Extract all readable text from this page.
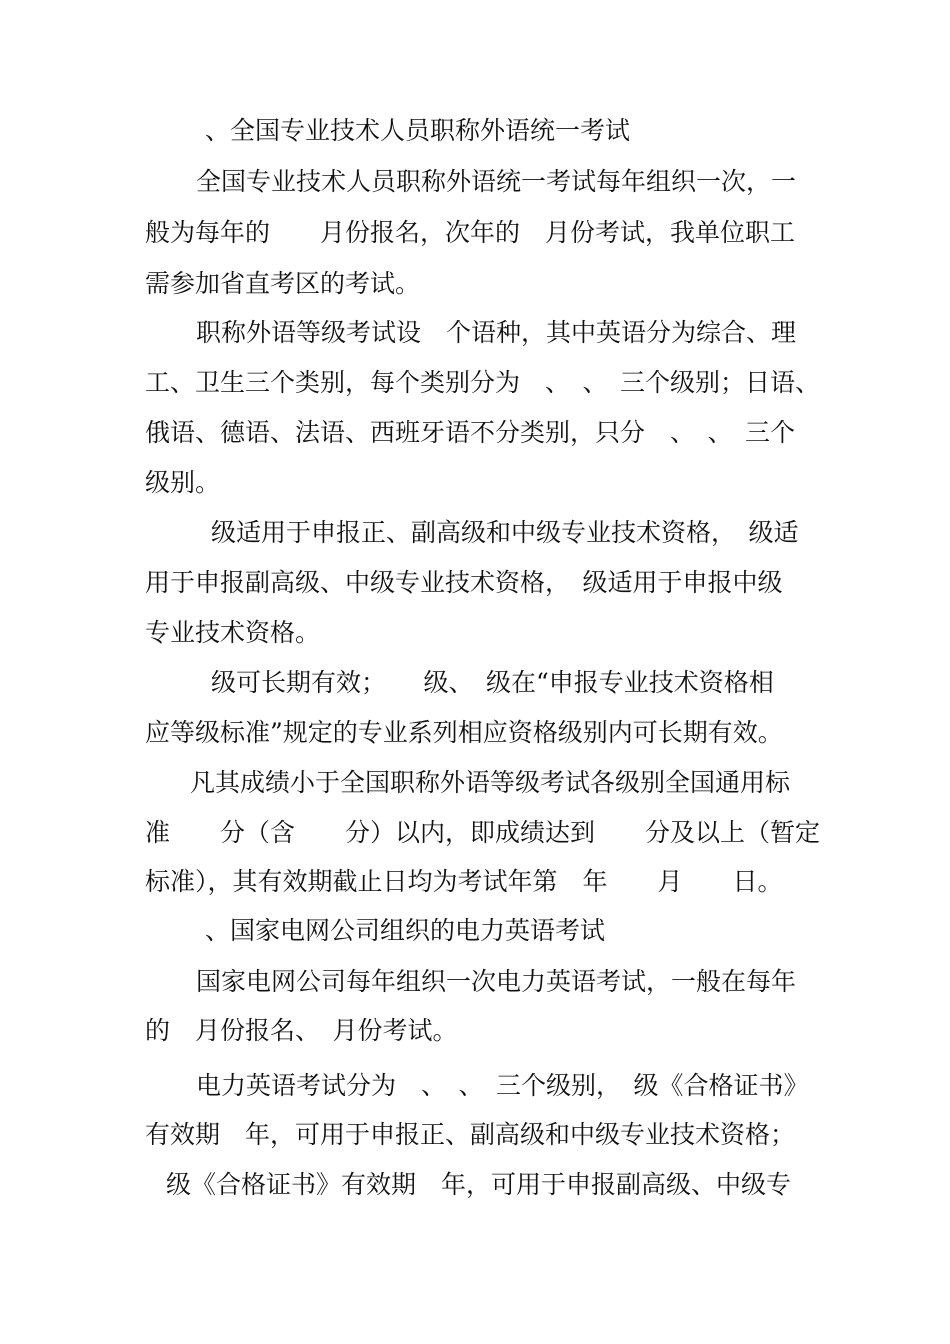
、全国专业技术人员职称外语统一考试
全国专业技术人员职称外语统一考试每年组织一次，一
般为每年的　　月份报名，次年的　月份考试，我单位职工
需参加省直考区的考试。
职称外语等级考试设　个语种，其中英语分为综合、理
工、卫生三个类别，每个类别分为　、　、　三个级别；日语、
俄语、德语、法语、西班牙语不分类别，只分　、　、　三个
级别。
级适用于申报正、副高级和中级专业技术资格，　级适
用于申报副高级、中级专业技术资格，　级适用于申报中级
专业技术资格。
级可长期有效；　　级、　级在“申报专业技术资格相
应等级标准”规定的专业系列相应资格级别内可长期有效。
凡其成绩小于全国职称外语等级考试各级别全国通用标
准　　分（含　　分）以内，即成绩达到　　分及以上（暂定
标准），其有效期截止日均为考试年第　年　　月　　日。
、国家电网公司组织的电力英语考试
国家电网公司每年组织一次电力英语考试，一般在每年
的　月份报名、　月份考试。
电力英语考试分为　、　、　三个级别，　级《合格证书》
有效期　年，可用于申报正、副高级和中级专业技术资格；
级《合格证书》有效期　年，可用于申报副高级、中级专
